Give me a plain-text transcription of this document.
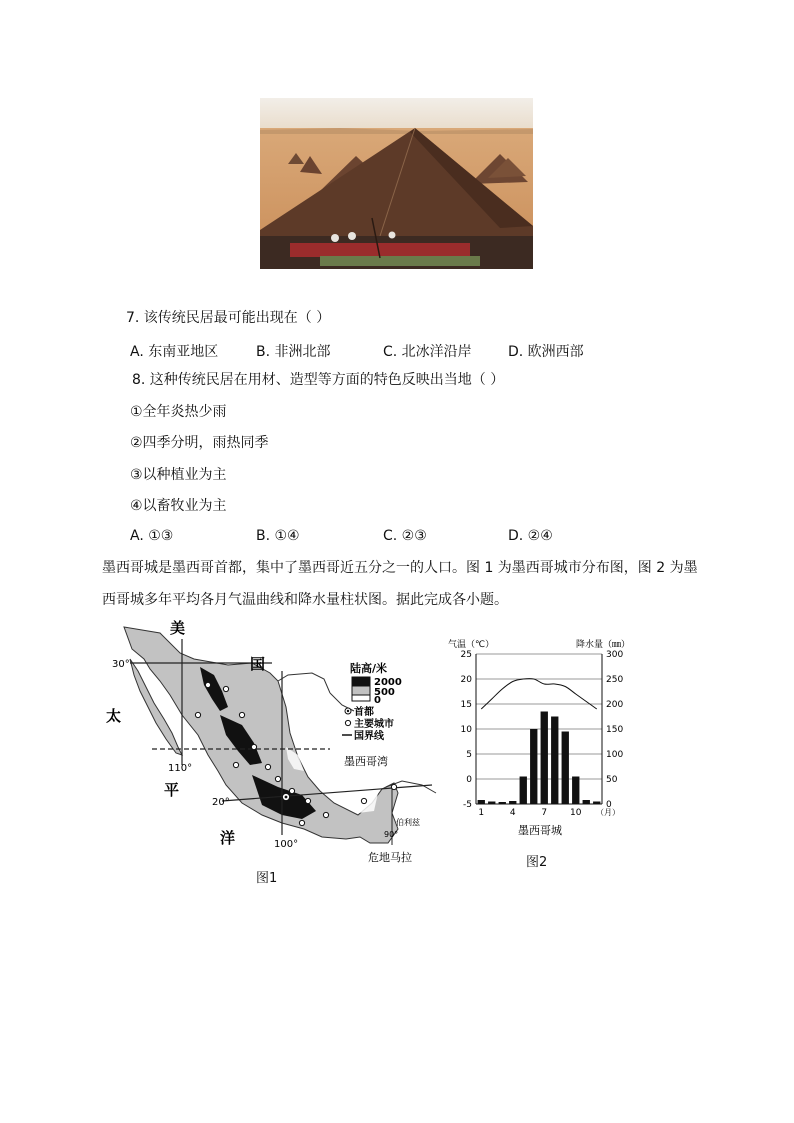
7. 该传统民居最可能出现在（ ）
A. 东南亚地区	B. 非洲北部	C. 北冰洋沿岸	D. 欧洲西部
8. 这种传统民居在用材、造型等方面的特色反映出当地（ ）
①全年炎热少雨
②四季分明，雨热同季
③以种植业为主
④以畜牧业为主
A. ①③	B. ①④	C. ②③	D. ②④
墨西哥城是墨西哥首都，集中了墨西哥近五分之一的人口。图 1 为墨西哥城市分布图，图 2 为墨
西哥城多年平均各月气温曲线和降水量柱状图。据此完成各小题。
美
国
太
平
洋
墨西哥湾
危地马拉
伯利兹
30°
20°
110°
100°
90°
陆高/米
2000
500
0
首都
主要城市
国界线
图1
气温（℃）	降水量（㎜）
25	300
20	250
15	200
10	150
5	100
0	50
-5	0
1	4	7	10 （月）
墨西哥城
图2
